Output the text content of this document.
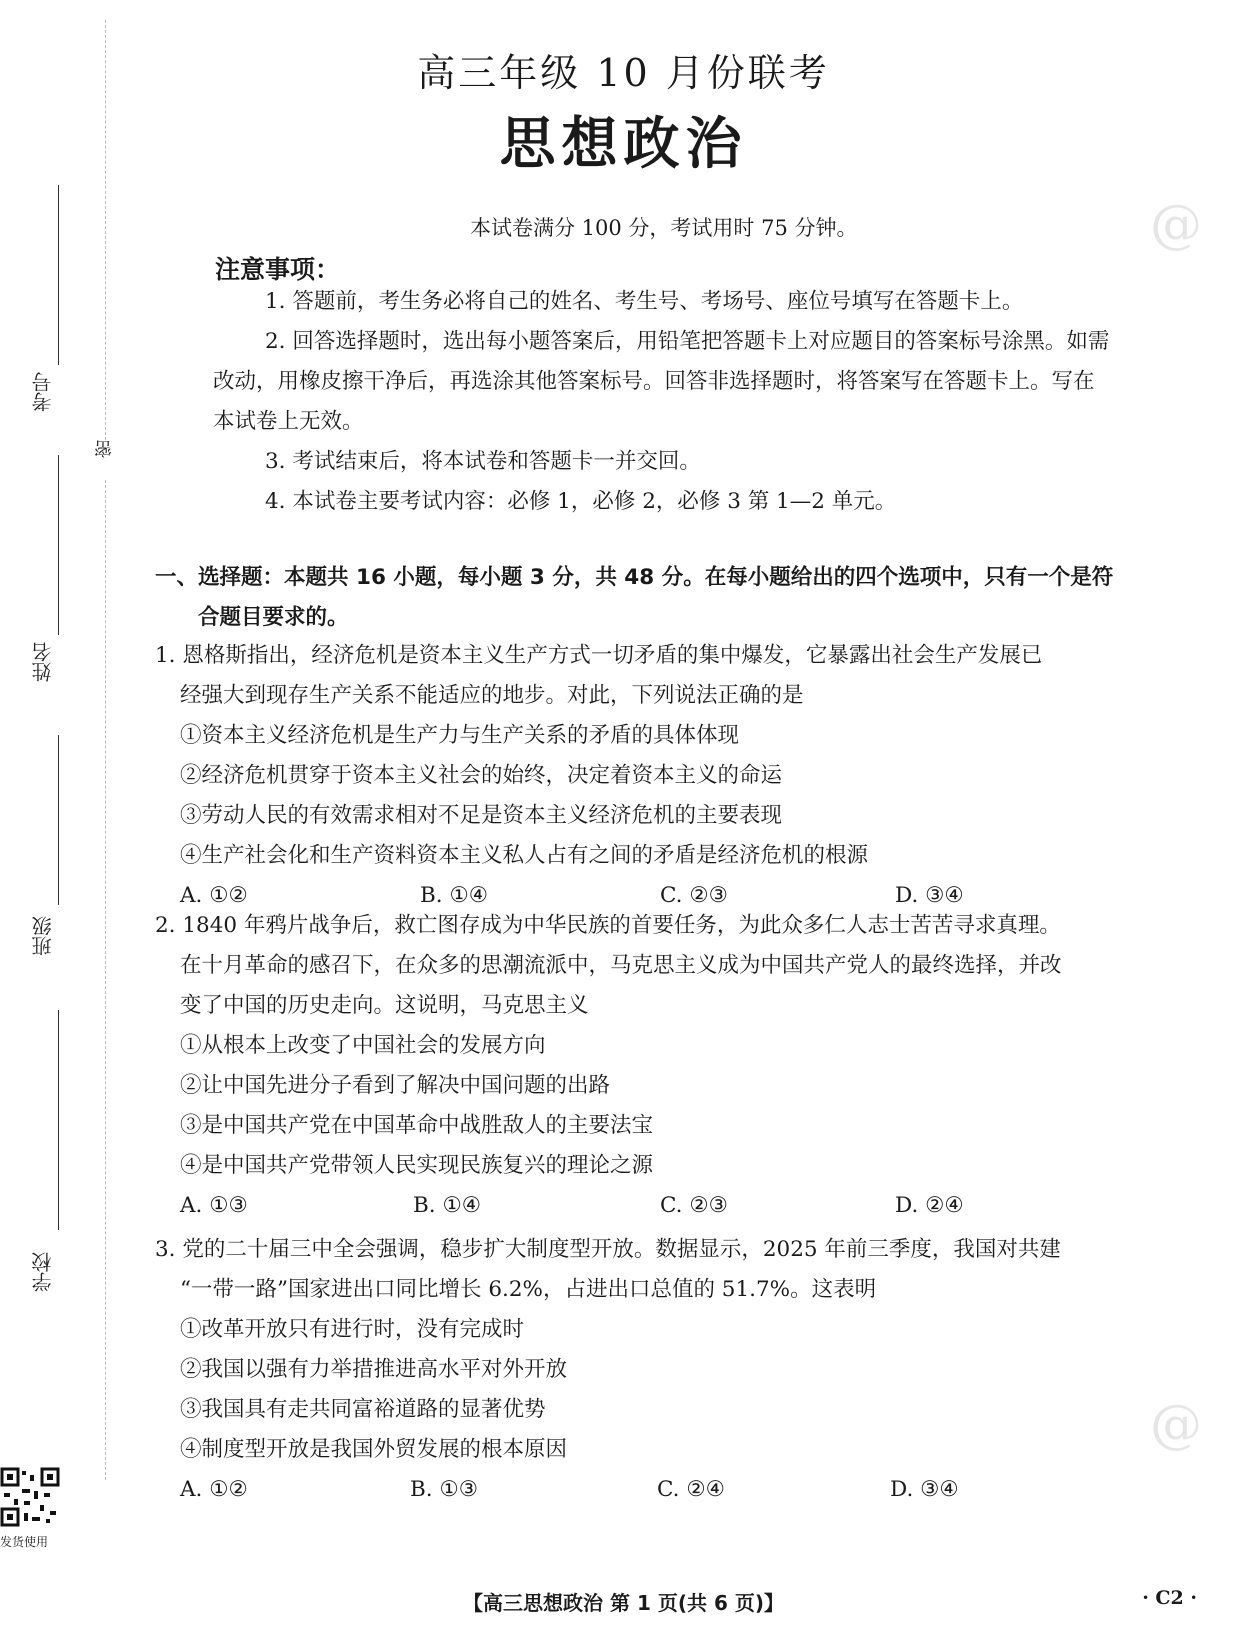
@
@
考号
姓名
班级
学校
密
发货使用
高三年级 10 月份联考
思想政治
本试卷满分 100 分，考试用时 75 分钟。
注意事项：

1. 答题前，考生务必将自己的姓名、考生号、考场号、座位号填写在答题卡上。

2. 回答选择题时，选出每小题答案后，用铅笔把答题卡上对应题目的答案标号涂黑。如需改动，用橡皮擦干净后，再选涂其他答案标号。回答非选择题时，将答案写在答题卡上。写在本试卷上无效。

3. 考试结束后，将本试卷和答题卡一并交回。

4. 本试卷主要考试内容：必修 1，必修 2，必修 3 第 1—2 单元。

一、选择题：本题共 16 小题，每小题 3 分，共 48 分。在每小题给出的四个选项中，只有一个是符
合题目要求的。

1. 恩格斯指出，经济危机是资本主义生产方式一切矛盾的集中爆发，它暴露出社会生产发展已

经强大到现存生产关系不能适应的地步。对此，下列说法正确的是

①资本主义经济危机是生产力与生产关系的矛盾的具体体现

②经济危机贯穿于资本主义社会的始终，决定着资本主义的命运

③劳动人民的有效需求相对不足是资本主义经济危机的主要表现

④生产社会化和生产资料资本主义私人占有之间的矛盾是经济危机的根源

A. ①②	B. ①④	C. ②③	D. ③④

2. 1840 年鸦片战争后，救亡图存成为中华民族的首要任务，为此众多仁人志士苦苦寻求真理。

在十月革命的感召下，在众多的思潮流派中，马克思主义成为中国共产党人的最终选择，并改

变了中国的历史走向。这说明，马克思主义

①从根本上改变了中国社会的发展方向

②让中国先进分子看到了解决中国问题的出路

③是中国共产党在中国革命中战胜敌人的主要法宝

④是中国共产党带领人民实现民族复兴的理论之源

A. ①③	B. ①④	C. ②③	D. ②④

3. 党的二十届三中全会强调，稳步扩大制度型开放。数据显示，2025 年前三季度，我国对共建

“一带一路”国家进出口同比增长 6.2%，占进出口总值的 51.7%。这表明

①改革开放只有进行时，没有完成时

②我国以强有力举措推进高水平对外开放

③我国具有走共同富裕道路的显著优势

④制度型开放是我国外贸发展的根本原因

A. ①②	B. ①③	C. ②④	D. ③④
【高三思想政治 第 1 页(共 6 页)】	· C2 ·
